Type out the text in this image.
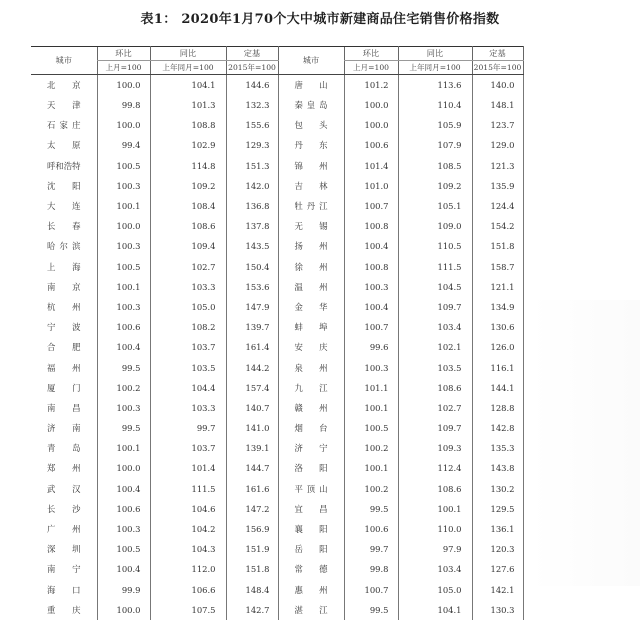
表1： 2020年1月70个大中城市新建商品住宅销售价格指数
城市	环比	同比	定基	城市	环比	同比	定基
	上月=100	上年同月=100	2015年=100		上月=100	上年同月=100	2015年=100
北京	100.0	104.1	144.6	唐山	101.2	113.6	140.0
天津	99.8	101.3	132.3	秦皇岛	100.0	110.4	148.1
石家庄	100.0	108.8	155.6	包头	100.0	105.9	123.7
太原	99.4	102.9	129.3	丹东	100.6	107.9	129.0
呼和浩特	100.5	114.8	151.3	锦州	101.4	108.5	121.3
沈阳	100.3	109.2	142.0	吉林	101.0	109.2	135.9
大连	100.1	108.4	136.8	牡丹江	100.7	105.1	124.4
长春	100.0	108.6	137.8	无锡	100.8	109.0	154.2
哈尔滨	100.3	109.4	143.5	扬州	100.4	110.5	151.8
上海	100.5	102.7	150.4	徐州	100.8	111.5	158.7
南京	100.1	103.3	153.6	温州	100.3	104.5	121.1
杭州	100.3	105.0	147.9	金华	100.4	109.7	134.9
宁波	100.6	108.2	139.7	蚌埠	100.7	103.4	130.6
合肥	100.4	103.7	161.4	安庆	99.6	102.1	126.0
福州	99.5	103.5	144.2	泉州	100.3	103.5	116.1
厦门	100.2	104.4	157.4	九江	101.1	108.6	144.1
南昌	100.3	103.3	140.7	赣州	100.1	102.7	128.8
济南	99.5	99.7	141.0	烟台	100.5	109.7	142.8
青岛	100.1	103.7	139.1	济宁	100.2	109.3	135.3
郑州	100.0	101.4	144.7	洛阳	100.1	112.4	143.8
武汉	100.4	111.5	161.6	平顶山	100.2	108.6	130.2
长沙	100.6	104.6	147.2	宜昌	99.5	100.1	129.5
广州	100.3	104.2	156.9	襄阳	100.6	110.0	136.1
深圳	100.5	104.3	151.9	岳阳	99.7	97.9	120.3
南宁	100.4	112.0	151.8	常德	99.8	103.4	127.6
海口	99.9	106.6	148.4	惠州	100.7	105.0	142.1
重庆	100.0	107.5	142.7	湛江	99.5	104.1	130.3
